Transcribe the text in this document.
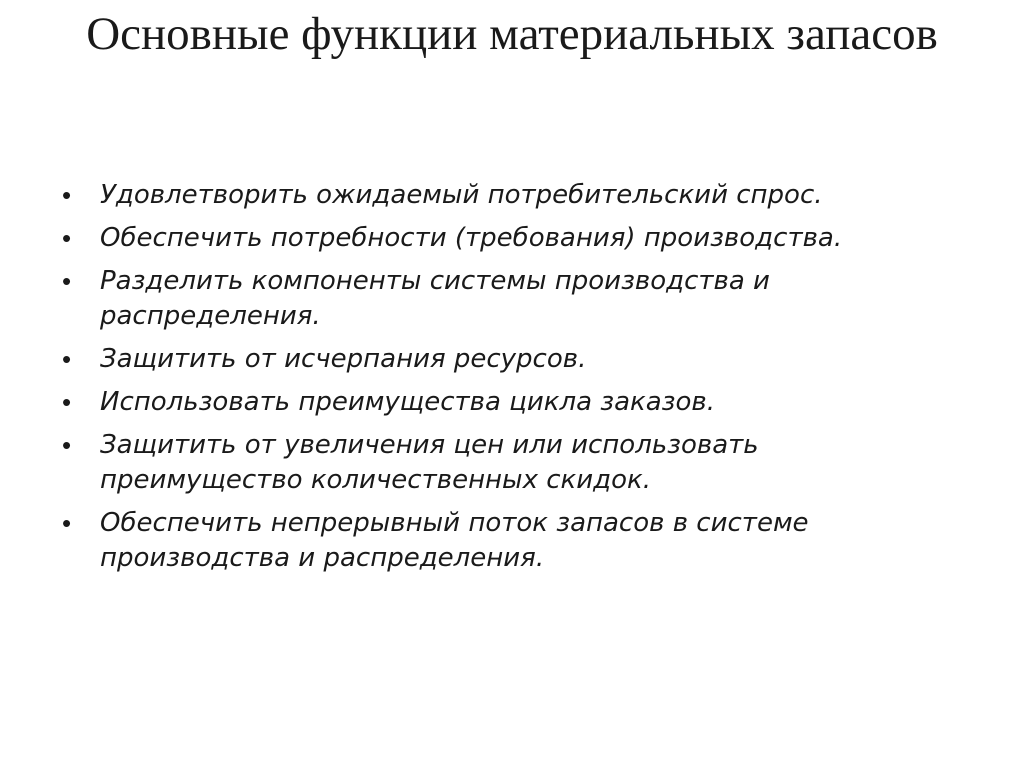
Основные функции материальных запасов
• Удовлетворить ожидаемый потребительский спрос.
• Обеспечить потребности (требования) производства.
• Разделить компоненты системы производства и распределения.
• Защитить от исчерпания ресурсов.
• Использовать преимущества цикла заказов.
• Защитить от увеличения цен или использовать преимущество количественных скидок.
• Обеспечить непрерывный поток запасов в системе производства и распределения.
